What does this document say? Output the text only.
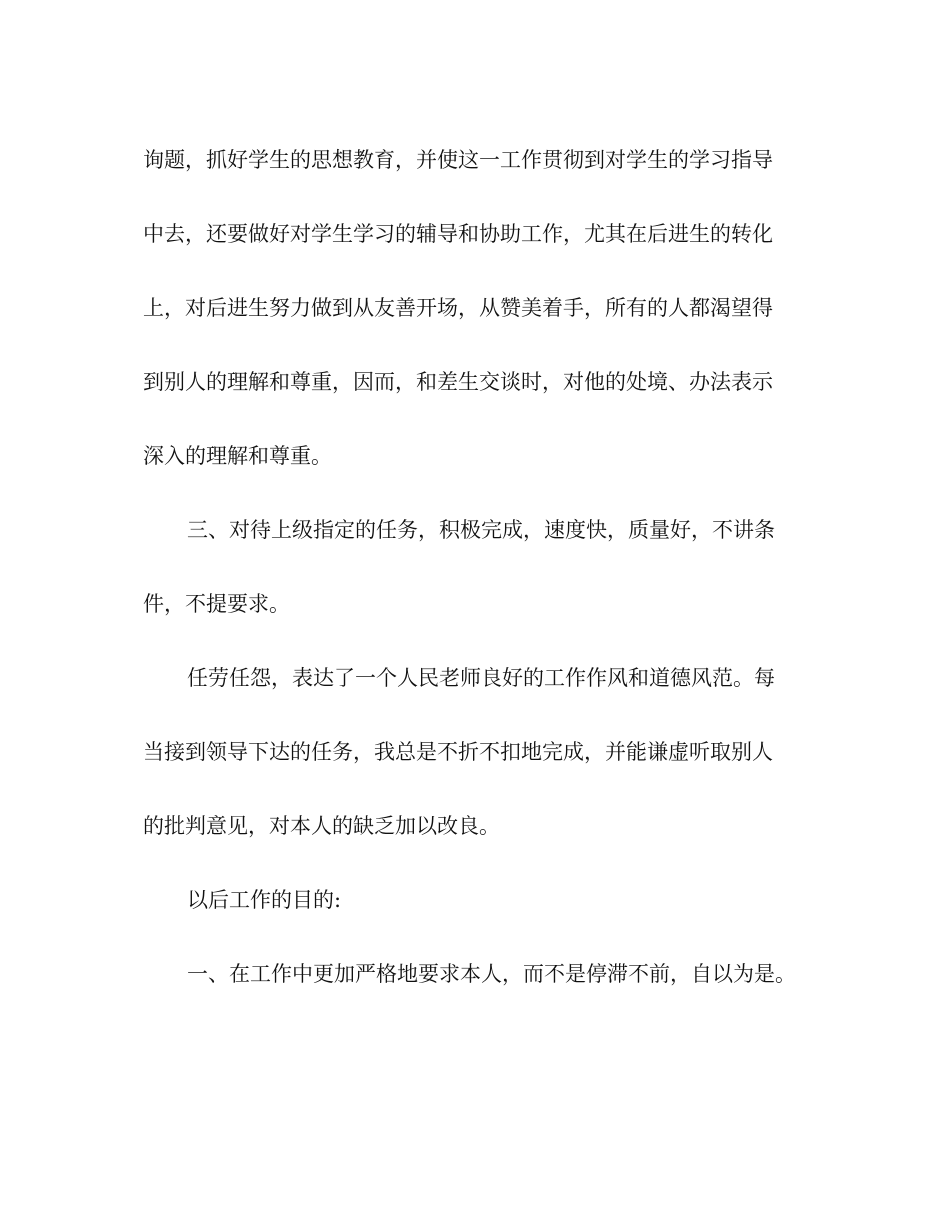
询题，抓好学生的思想教育，并使这一工作贯彻到对学生的学习指导
中去，还要做好对学生学习的辅导和协助工作，尤其在后进生的转化
上，对后进生努力做到从友善开场，从赞美着手，所有的人都渴望得
到别人的理解和尊重，因而，和差生交谈时，对他的处境、办法表示
深入的理解和尊重。
三、对待上级指定的任务，积极完成，速度快，质量好，不讲条
件，不提要求。
任劳任怨，表达了一个人民老师良好的工作作风和道德风范。每
当接到领导下达的任务，我总是不折不扣地完成，并能谦虚听取别人
的批判意见，对本人的缺乏加以改良。
以后工作的目的:
一、在工作中更加严格地要求本人，而不是停滞不前，自以为是。
